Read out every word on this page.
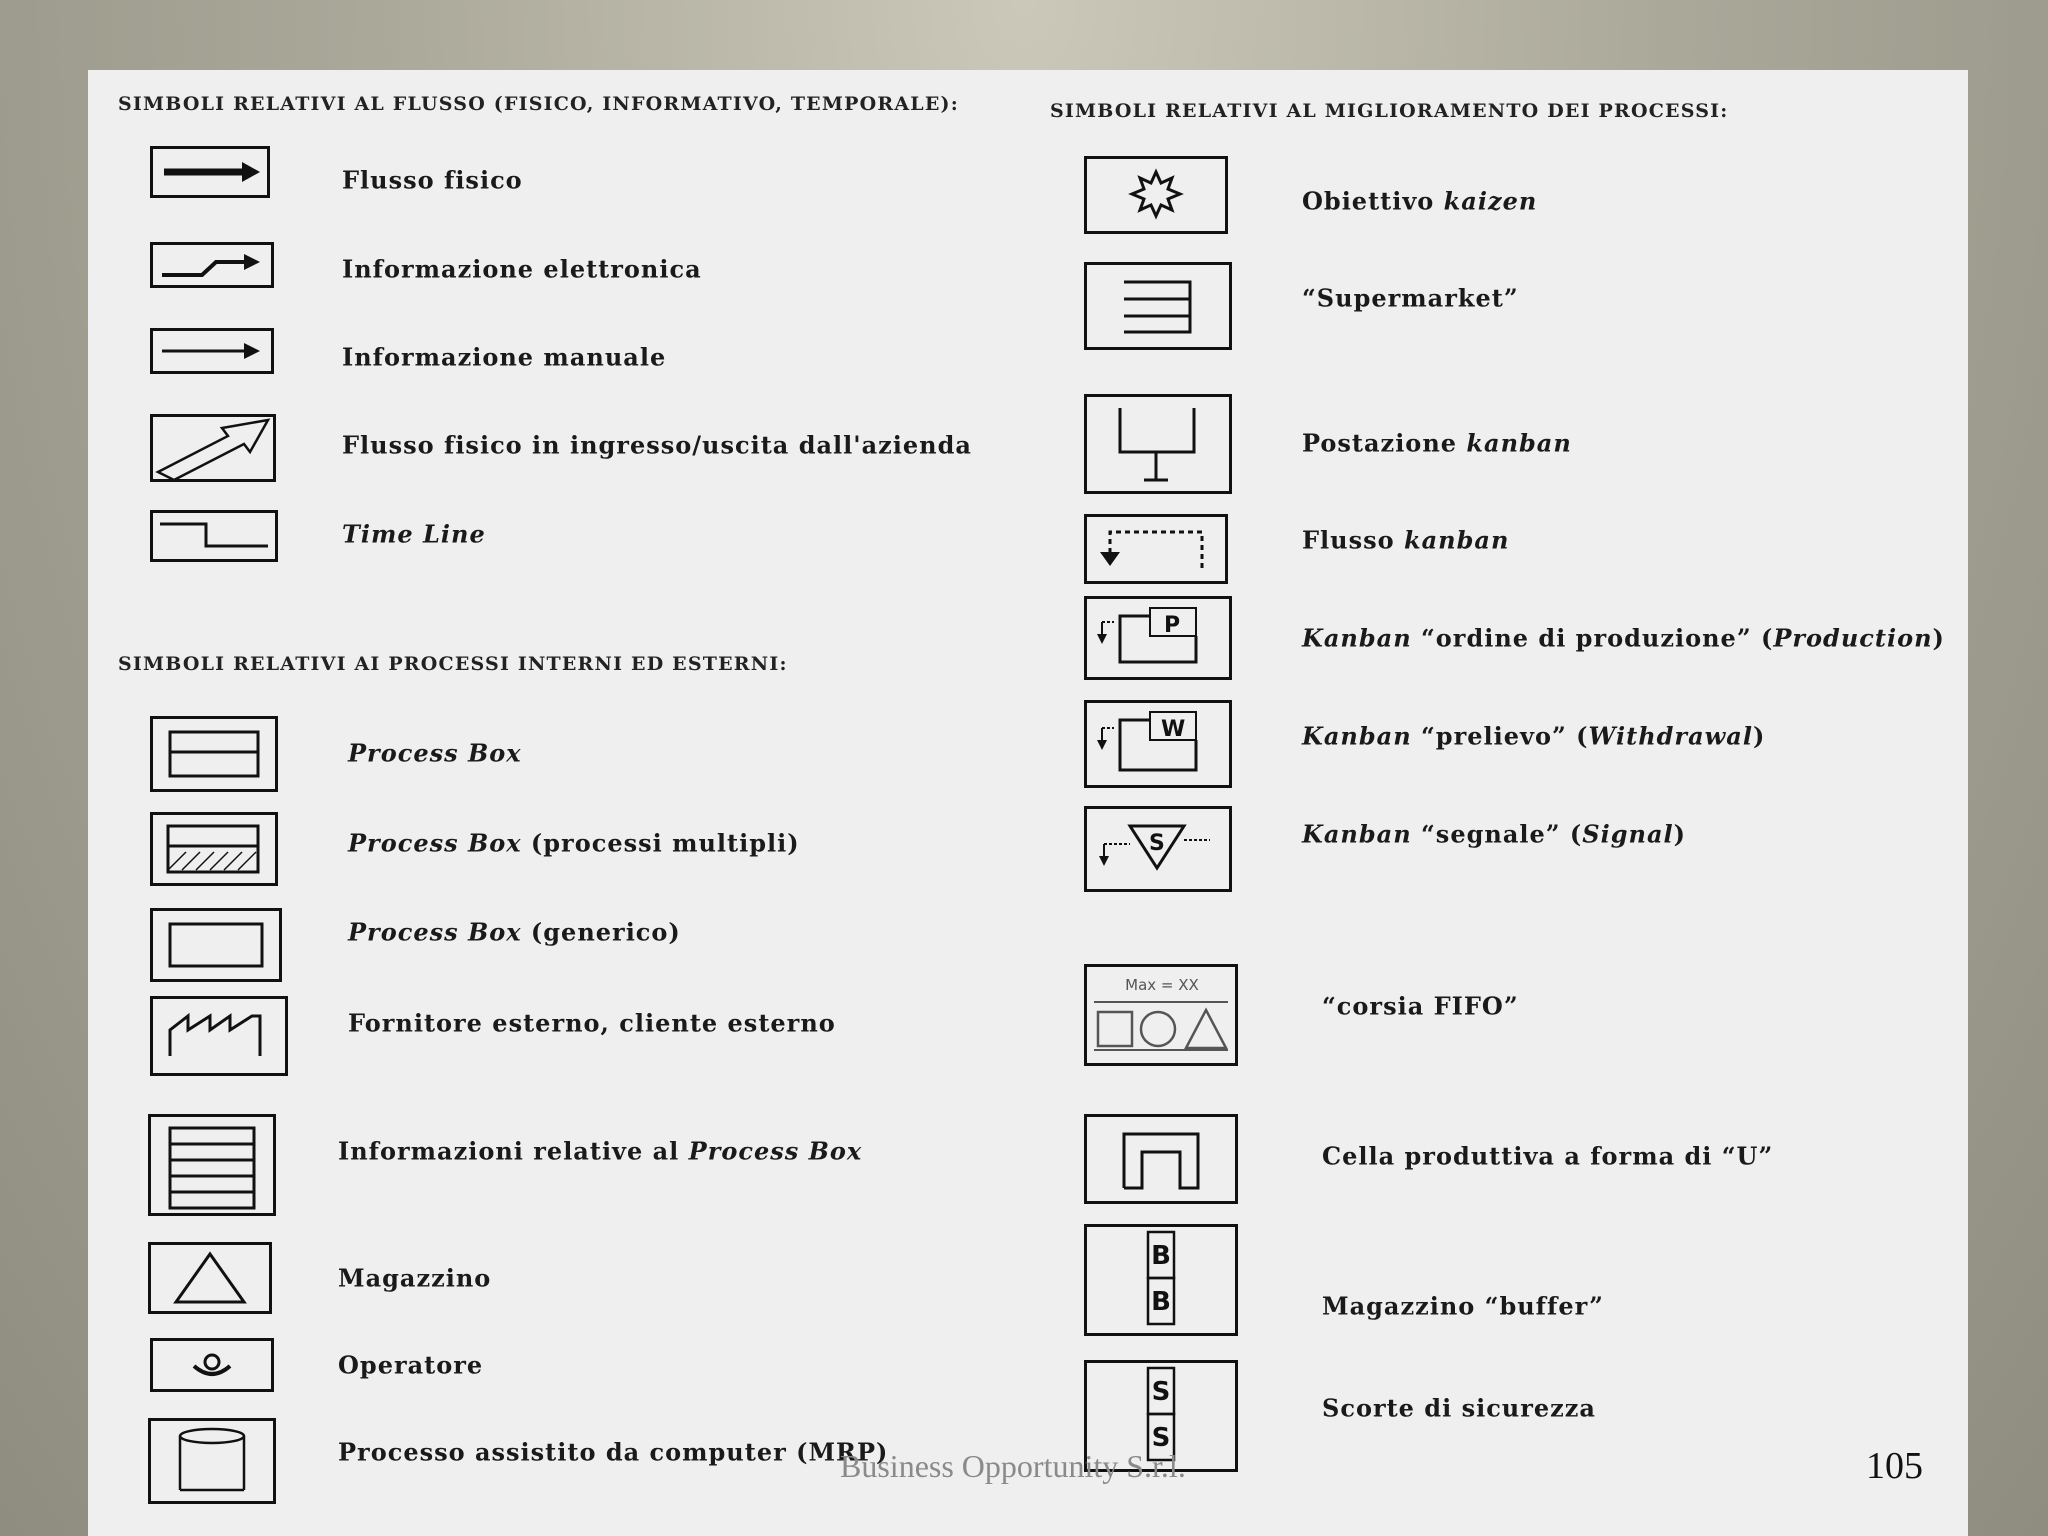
SIMBOLI RELATIVI AL FLUSSO (FISICO, INFORMATIVO, TEMPORALE):
Flusso fisico
Informazione elettronica
Informazione manuale
Flusso fisico in ingresso/uscita dall'azienda
Time Line
SIMBOLI RELATIVI AI PROCESSI INTERNI ED ESTERNI:
Process Box
Process Box (processi multipli)
Process Box (generico)
Fornitore esterno, cliente esterno
Informazioni relative al Process Box
Magazzino
Operatore
Processo assistito da computer (MRP)
SIMBOLI RELATIVI AL MIGLIORAMENTO DEI PROCESSI:
Obiettivo kaizen
“Supermarket”
Postazione kanban
Flusso kanban
P	Kanban “ordine di produzione” (Production)
W	Kanban “prelievo” (Withdrawal)
S	Kanban “segnale” (Signal)
Max = XX
“corsia FIFO”
Cella produttiva a forma di “U”
B
B	Magazzino “buffer”
S
S
Scorte di sicurezza
Business Opportunity S.r.l.	105
